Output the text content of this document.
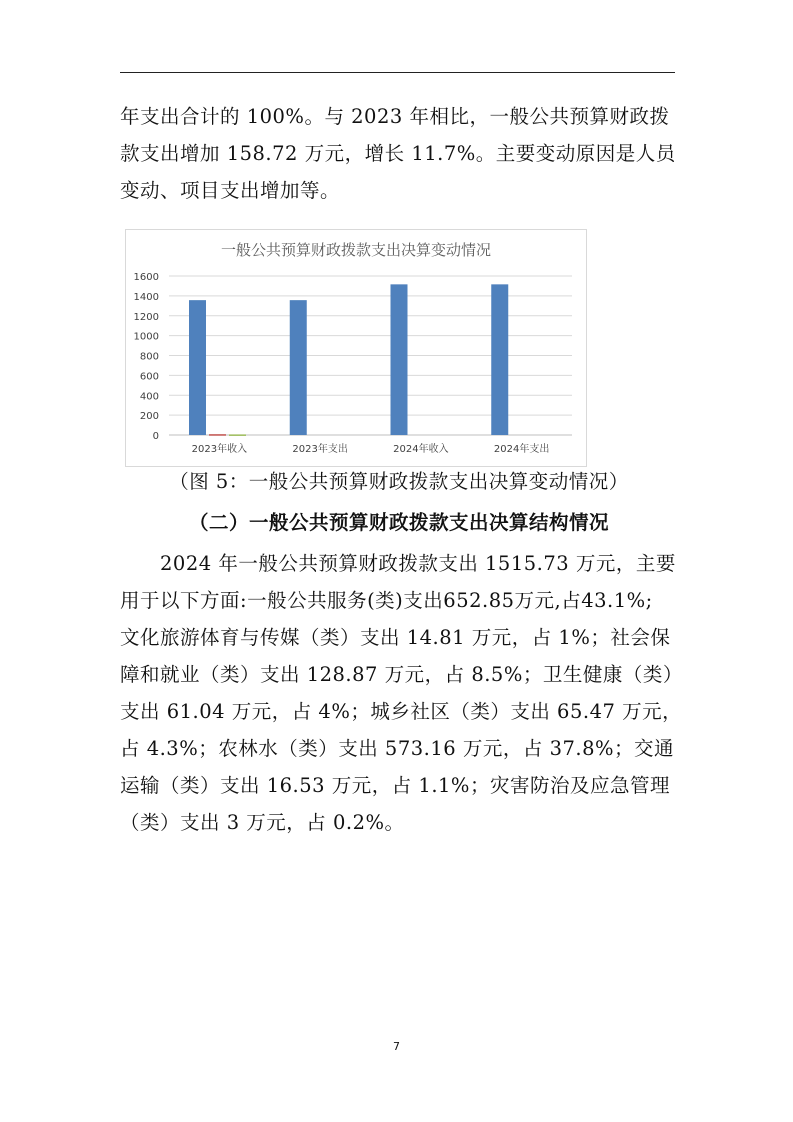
年支出合计的 100%。与 2023 年相比，一般公共预算财政拨
款支出增加 158.72 万元，增长 11.7%。主要变动原因是人员
变动、项目支出增加等。
一般公共预算财政拨款支出决算变动情况
0
200
400
600
800
1000
1200
1400
1600
2023年收入	2023年支出	2024年收入	2024年支出
（图 5：一般公共预算财政拨款支出决算变动情况）
（二）一般公共预算财政拨款支出决算结构情况
2024 年一般公共预算财政拨款支出 1515.73 万元，主要
用于以下方面:一般公共服务(类)支出652.85万元,占43.1%;
文化旅游体育与传媒（类）支出 14.81 万元，占 1%；社会保
障和就业（类）支出 128.87 万元，占 8.5%；卫生健康（类）
支出 61.04 万元，占 4%；城乡社区（类）支出 65.47 万元，
占 4.3%；农林水（类）支出 573.16 万元，占 37.8%；交通
运输（类）支出 16.53 万元，占 1.1%；灾害防治及应急管理
（类）支出 3 万元，占 0.2%。
7
